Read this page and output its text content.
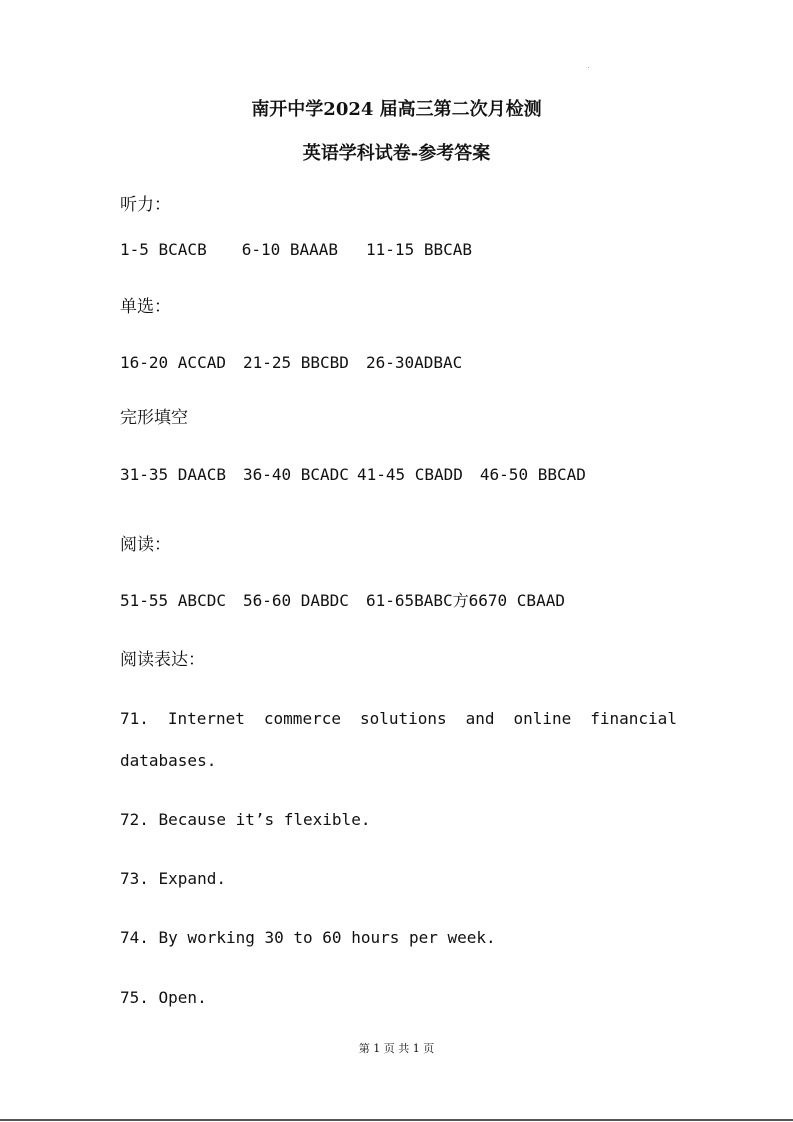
南开中学2024 届高三第二次月检测
英语学科试卷-参考答案
听力：
1-5 BCACB 6-10 BAAAB 11-15 BBCAB
单选：
16-20 ACCAD 21-25 BBCBD 26-30ADBAC
完形填空
31-35 DAACB 36-40 BCADC 41-45 CBADD 46-50 BBCAD
阅读：
51-55 ABCDC 56-60 DABDC 61-65BABC方6670 CBAAD
阅读表达：
71. Internet commerce solutions and online financial
databases.
72. Because it’s flexible.
73. Expand.
74. By working 30 to 60 hours per week.
75. Open.
第 1 页 共 1 页
